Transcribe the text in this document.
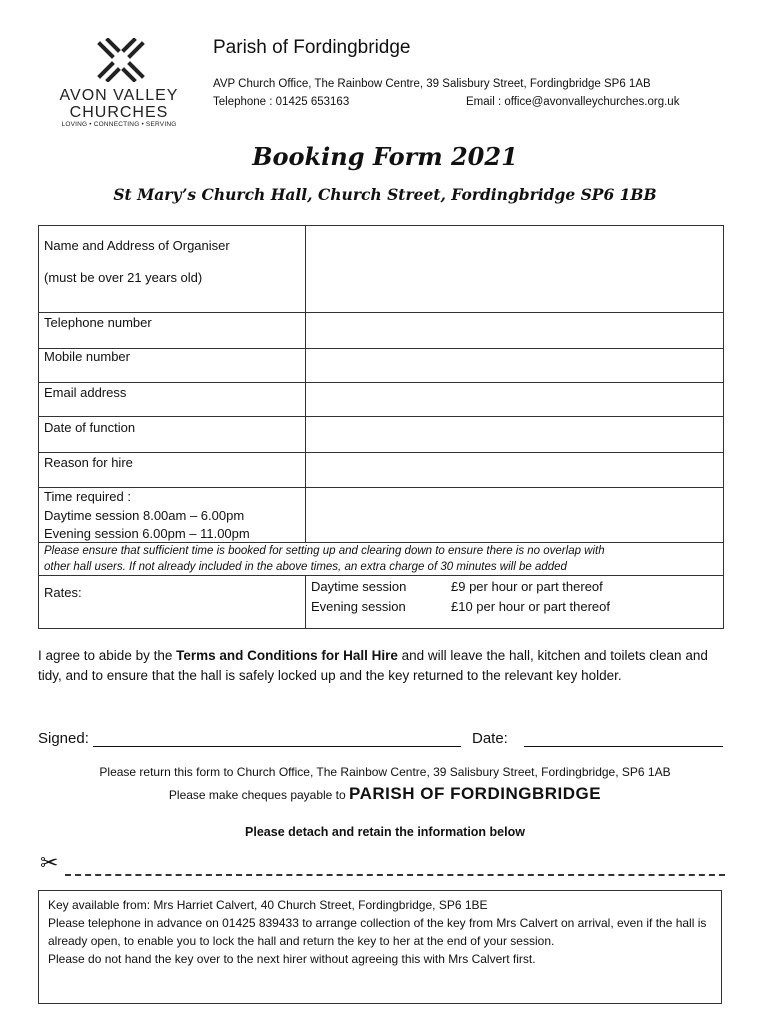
AVON VALLEY
CHURCHES
LOVING • CONNECTING • SERVING
Parish of Fordingbridge
AVP Church Office, The Rainbow Centre, 39 Salisbury Street, Fordingbridge SP6 1AB
Telephone : 01425 653163	Email : office@avonvalleychurches.org.uk
Booking Form 2021
St Mary’s Church Hall, Church Street, Fordingbridge SP6 1BB
Name and Address of Organiser
(must be over 21 years old)
Telephone number
Mobile number
Email address
Date of function
Reason for hire
Time required :
Daytime session 8.00am – 6.00pm
Evening session 6.00pm – 11.00pm
Please ensure that sufficient time is booked for setting up and clearing down to ensure there is no overlap with
other hall users. If not already included in the above times, an extra charge of 30 minutes will be added
Rates:	Daytime session	£9 per hour or part thereof
Evening session	£10 per hour or part thereof
I agree to abide by the Terms and Conditions for Hall Hire and will leave the hall, kitchen and toilets clean and tidy, and to ensure that the hall is safely locked up and the key returned to the relevant key holder.
Signed:	Date:
Please return this form to Church Office, The Rainbow Centre, 39 Salisbury Street, Fordingbridge, SP6 1AB
Please make cheques payable to PARISH OF FORDINGBRIDGE
Please detach and retain the information below
✂
Key available from: Mrs Harriet Calvert, 40 Church Street, Fordingbridge, SP6 1BE
Please telephone in advance on 01425 839433 to arrange collection of the key from Mrs Calvert on arrival, even if the hall is already open, to enable you to lock the hall and return the key to her at the end of your session.
Please do not hand the key over to the next hirer without agreeing this with Mrs Calvert first.
